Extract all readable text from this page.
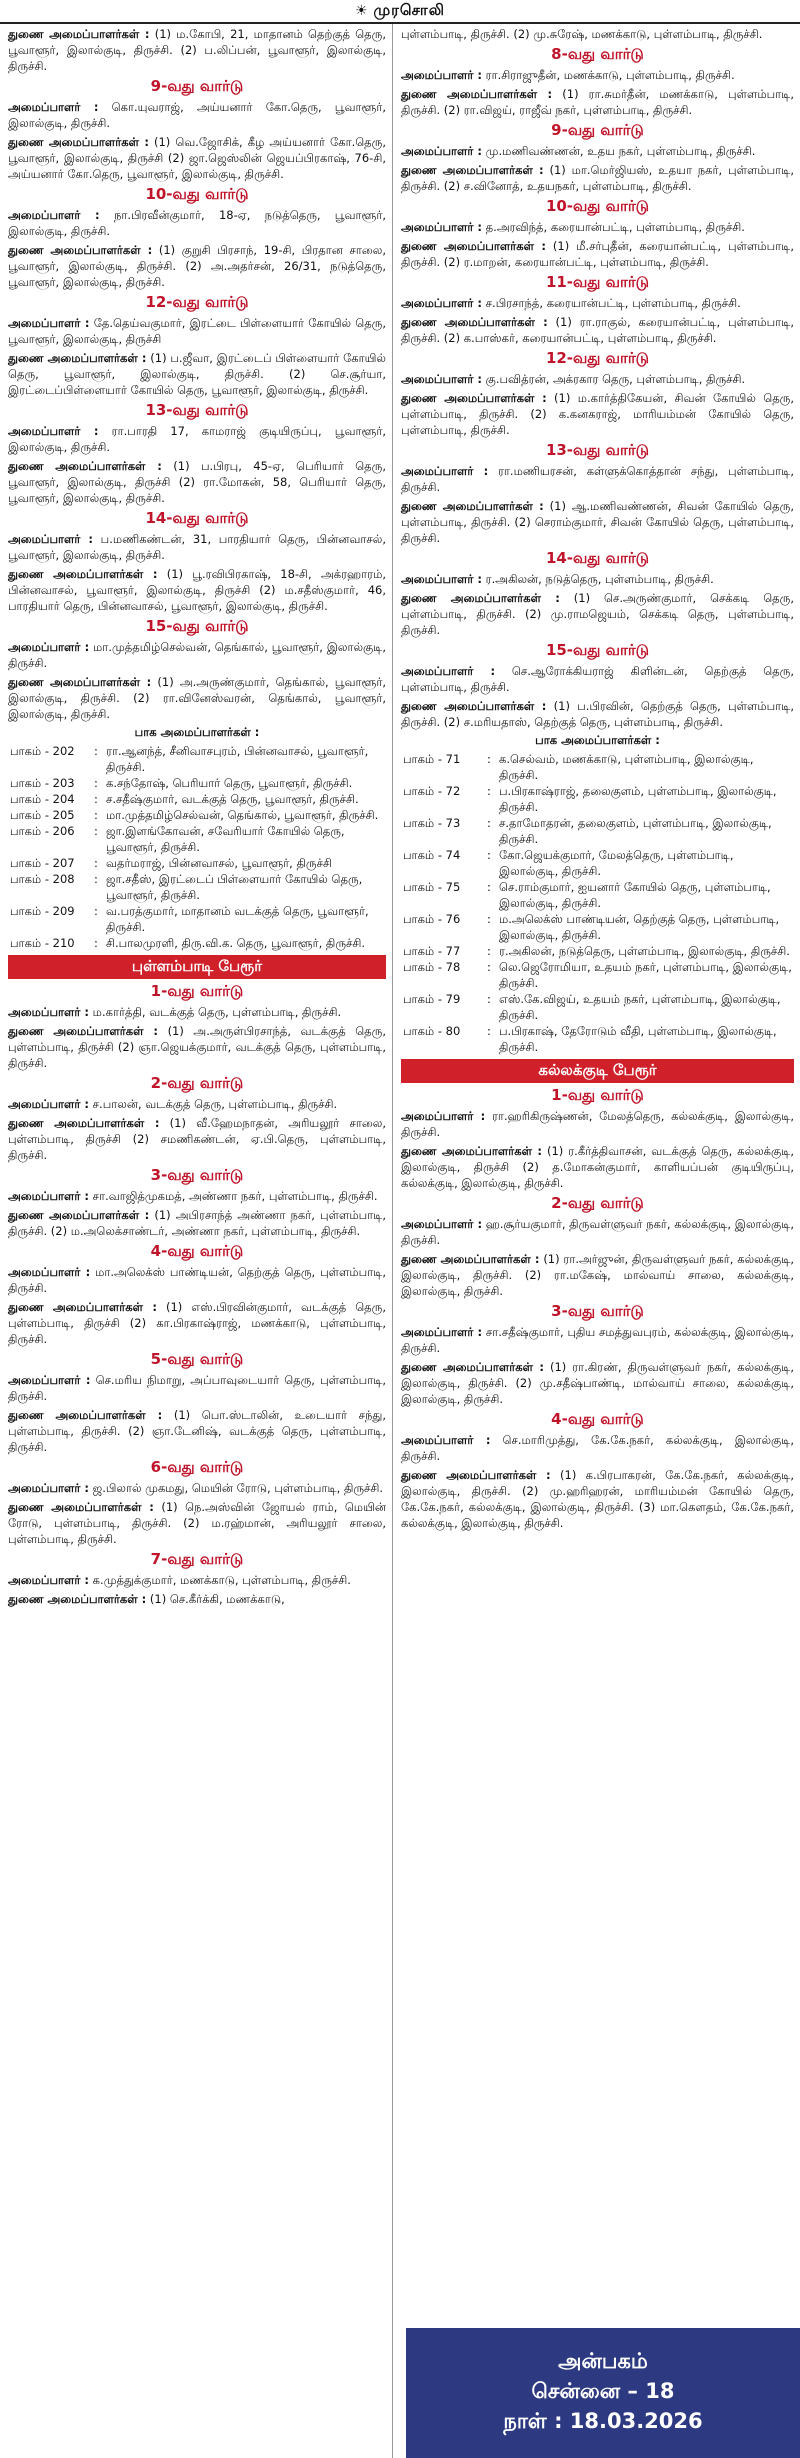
☀ முரசொலி

துணை அமைப்பாளர்கள் : (1) ம.கோபி, 21, மாதானம் தெற்குத் தெரு, பூவாளூர், இலால்குடி, திருச்சி. (2) ப.லிப்பன், பூவாளூர், இலால்குடி, திருச்சி.

9-வது வார்டு

அமைப்பாளர் : கொ.யுவராஜ், அய்யனார் கோ.தெரு, பூவாளூர், இலால்குடி, திருச்சி.

துணை அமைப்பாளர்கள் : (1) வெ.ஜோசிக், கீழ அய்யனார் கோ.தெரு, பூவாளூர், இலால்குடி, திருச்சி (2) ஜா.ஜெஸ்லின் ஜெயப்பிரகாஷ், 76-சி, அய்யனார் கோ.தெரு, பூவாளூர், இலால்குடி, திருச்சி.

10-வது வார்டு

அமைப்பாளர் : நா.பிரவீன்குமார், 18-ஏ, நடுத்தெரு, பூவாளூர், இலால்குடி, திருச்சி.

துணை அமைப்பாளர்கள் : (1) குறுசி பிரசாந், 19-சி, பிரதான சாலை, பூவாளூர், இலால்குடி, திருச்சி. (2) அ.அதர்சன், 26/31, நடுத்தெரு, பூவாளூர், இலால்குடி, திருச்சி.

12-வது வார்டு

அமைப்பாளர் : தே.தெய்வகுமார், இரட்டை பிள்ளையார் கோயில் தெரு, பூவாளூர், இலால்குடி, திருச்சி

துணை அமைப்பாளர்கள் : (1) ப.ஜீவா, இரட்டைப் பிள்ளையார் கோயில் தெரு, பூவாளூர், இலால்குடி, திருச்சி. (2) செ.சூர்யா, இரட்டைப்பிள்ளையார் கோயில் தெரு, பூவாளூர், இலால்குடி, திருச்சி.

13-வது வார்டு

அமைப்பாளர் : ரா.பாரதி 17, காமராஜ் குடியிருப்பு, பூவாளூர், இலால்குடி, திருச்சி.

துணை அமைப்பாளர்கள் : (1) ப.பிரபு, 45-ஏ, பெரியார் தெரு, பூவாளூர், இலால்குடி, திருச்சி (2) ரா.மோகன், 58, பெரியார் தெரு, பூவாளூர், இலால்குடி, திருச்சி.

14-வது வார்டு

அமைப்பாளர் : ப.மணிகண்டன், 31, பாரதியார் தெரு, பின்னவாசல், பூவாளூர், இலால்குடி, திருச்சி.

துணை அமைப்பாளர்கள் : (1) பூ.ரவிபிரகாஷ், 18-சி, அக்ரஹாரம், பின்னவாசல், பூவாளூர், இலால்குடி, திருச்சி (2) ம.சதீஸ்குமார், 46, பாரதியார் தெரு, பின்னவாசல், பூவாளூர், இலால்குடி, திருச்சி.

15-வது வார்டு

அமைப்பாளர் : மா.முத்தமிழ்செல்வன், தெங்கால், பூவாளூர், இலால்குடி, திருச்சி.

துணை அமைப்பாளர்கள் : (1) அ.அருண்குமார், தெங்கால், பூவாளூர், இலால்குடி, திருச்சி. (2) ரா.வினேஸ்வரன், தெங்கால், பூவாளூர், இலால்குடி, திருச்சி.

பாக அமைப்பாளர்கள் :
பாகம் - 202	:	ரா.ஆனந்த், சீனிவாசபுரம், பின்னவாசல், பூவாளூர், திருச்சி.
பாகம் - 203	:	க.சந்தோஷ், பெரியார் தெரு, பூவாளூர், திருச்சி.
பாகம் - 204	:	ச.சதீஷ்குமார், வடக்குத் தெரு, பூவாளூர், திருச்சி.
பாகம் - 205	:	மா.முத்தமிழ்செல்வன், தெங்கால், பூவாளூர், திருச்சி.
பாகம் - 206	:	ஜா.இளங்கோவன், சவேரியார் கோயில் தெரு, பூவாளூர், திருச்சி.
பாகம் - 207	:	வதர்மராஜ், பின்னவாசல், பூவாளூர், திருச்சி
பாகம் - 208	:	ஜா.சதீஸ், இரட்டைப் பிள்ளையார் கோயில் தெரு, பூவாளூர், திருச்சி.
பாகம் - 209	:	வ.பரத்குமார், மாதானம் வடக்குத் தெரு, பூவாளூர், திருச்சி.
பாகம் - 210	:	சி.பாலமுரளி, திரு.வி.க. தெரு, பூவாளூர், திருச்சி.
புள்ளம்பாடி பேரூர்
1-வது வார்டு

அமைப்பாளர் : ம.கார்த்தி, வடக்குத் தெரு, புள்ளம்பாடி, திருச்சி.

துணை அமைப்பாளர்கள் : (1) அ.அருள்பிரசாந்த், வடக்குத் தெரு, புள்ளம்பாடி, திருச்சி (2) ஞா.ஜெயக்குமார், வடக்குத் தெரு, புள்ளம்பாடி, திருச்சி.

2-வது வார்டு

அமைப்பாளர் : ச.பாலன், வடக்குத் தெரு, புள்ளம்பாடி, திருச்சி.

துணை அமைப்பாளர்கள் : (1) வீ.ஹேமநாதன், அரியலூர் சாலை, புள்ளம்பாடி, திருச்சி (2) சமணிகண்டன், ஏ.பி.தெரு, புள்ளம்பாடி, திருச்சி.

3-வது வார்டு

அமைப்பாளர் : சா.வாஜித்முகமத், அண்ணா நகர், புள்ளம்பாடி, திருச்சி.

துணை அமைப்பாளர்கள் : (1) அபிரசாந்த் அண்ணா நகர், புள்ளம்பாடி, திருச்சி. (2) ம.அலெக்சாண்டர், அண்ணா நகர், புள்ளம்பாடி, திருச்சி.

4-வது வார்டு

அமைப்பாளர் : மா.அலெக்ஸ் பாண்டியன், தெற்குத் தெரு, புள்ளம்பாடி, திருச்சி.

துணை அமைப்பாளர்கள் : (1) எஸ்.பிரவின்குமார், வடக்குத் தெரு, புள்ளம்பாடி, திருச்சி (2) கா.பிரகாஷ்ராஜ், மணக்காடு, புள்ளம்பாடி, திருச்சி.

5-வது வார்டு

அமைப்பாளர் : செ.மரிய நிமாறு, அப்பாவுடையார் தெரு, புள்ளம்பாடி, திருச்சி.

துணை அமைப்பாளர்கள் : (1) பொ.ஸ்டாலின், உடையார் சந்து, புள்ளம்பாடி, திருச்சி. (2) ஞா.டேனிஷ், வடக்குத் தெரு, புள்ளம்பாடி, திருச்சி.

6-வது வார்டு

அமைப்பாளர் : ஜ.பிலால் முகமது, மெயின் ரோடு, புள்ளம்பாடி, திருச்சி.

துணை அமைப்பாளர்கள் : (1) நெ.அஸ்வின் ஜோயல் ராம், மெயின் ரோடு, புள்ளம்பாடி, திருச்சி. (2) ம.ரஹ்மான், அரியலூர் சாலை, புள்ளம்பாடி, திருச்சி.

7-வது வார்டு

அமைப்பாளர் : க.முத்துக்குமார், மணக்காடு, புள்ளம்பாடி, திருச்சி.

துணை அமைப்பாளர்கள் : (1) செ.கீர்க்கி, மணக்காடு,

புள்ளம்பாடி, திருச்சி. (2) மு.சுரேஷ், மணக்காடு, புள்ளம்பாடி, திருச்சி.

8-வது வார்டு

அமைப்பாளர் : ரா.சிராஜுதீன், மணக்காடு, புள்ளம்பாடி, திருச்சி.

துணை அமைப்பாளர்கள் : (1) ரா.சுமர்தீன், மணக்காடு, புள்ளம்பாடி, திருச்சி. (2) ரா.விஜய், ராஜீவ் நகர், புள்ளம்பாடி, திருச்சி.

9-வது வார்டு

அமைப்பாளர் : மு.மணிவண்ணன், உதய நகர், புள்ளம்பாடி, திருச்சி.

துணை அமைப்பாளர்கள் : (1) மா.மெர்ஜியஸ், உதயா நகர், புள்ளம்பாடி, திருச்சி. (2) ச.வினோத், உதயநகர், புள்ளம்பாடி, திருச்சி.

10-வது வார்டு

அமைப்பாளர் : த.அரவிந்த், கரையான்பட்டி, புள்ளம்பாடி, திருச்சி.

துணை அமைப்பாளர்கள் : (1) மீ.சர்புதீன், கரையான்பட்டி, புள்ளம்பாடி, திருச்சி. (2) ர.மாறன், கரையான்பட்டி, புள்ளம்பாடி, திருச்சி.

11-வது வார்டு

அமைப்பாளர் : ச.பிரசாந்த், கரையான்பட்டி, புள்ளம்பாடி, திருச்சி.

துணை அமைப்பாளர்கள் : (1) ரா.ராகுல், கரையான்பட்டி, புள்ளம்பாடி, திருச்சி. (2) க.பாஸ்கர், கரையான்பட்டி, புள்ளம்பாடி, திருச்சி.

12-வது வார்டு

அமைப்பாளர் : கு.பவித்ரன், அக்ரகார தெரு, புள்ளம்பாடி, திருச்சி.

துணை அமைப்பாளர்கள் : (1) ம.கார்த்திகேயன், சிவன் கோயில் தெரு, புள்ளம்பாடி, திருச்சி. (2) க.கனகராஜ், மாரியம்மன் கோயில் தெரு, புள்ளம்பாடி, திருச்சி.

13-வது வார்டு

அமைப்பாளர் : ரா.மணியரசன், கள்ளுக்கொத்தான் சந்து, புள்ளம்பாடி, திருச்சி.

துணை அமைப்பாளர்கள் : (1) ஆ.மணிவண்ணன், சிவன் கோயில் தெரு, புள்ளம்பாடி, திருச்சி. (2) செராம்குமார், சிவன் கோயில் தெரு, புள்ளம்பாடி, திருச்சி.

14-வது வார்டு

அமைப்பாளர் : ர.அகிலன், நடுத்தெரு, புள்ளம்பாடி, திருச்சி.

துணை அமைப்பாளர்கள் : (1) செ.அருண்குமார், செக்கடி தெரு, புள்ளம்பாடி, திருச்சி. (2) மு.ராமஜெயம், செக்கடி தெரு, புள்ளம்பாடி, திருச்சி.

15-வது வார்டு

அமைப்பாளர் : செ.ஆரோக்கியராஜ் கிளின்டன், தெற்குத் தெரு, புள்ளம்பாடி, திருச்சி.

துணை அமைப்பாளர்கள் : (1) ப.பிரவின், தெற்குத் தெரு, புள்ளம்பாடி, திருச்சி. (2) ச.மரியதாஸ், தெற்குத் தெரு, புள்ளம்பாடி, திருச்சி.

பாக அமைப்பாளர்கள் :
பாகம் - 71	:	க.செல்வம், மணக்காடு, புள்ளம்பாடி, இலால்குடி, திருச்சி.
பாகம் - 72	:	ப.பிரகாஷ்ராஜ், தலைகுளம், புள்ளம்பாடி, இலால்குடி, திருச்சி.
பாகம் - 73	:	ச.தாமோதரன், தலைகுளம், புள்ளம்பாடி, இலால்குடி, திருச்சி.
பாகம் - 74	:	கோ.ஜெயக்குமார், மேலத்தெரு, புள்ளம்பாடி, இலால்குடி, திருச்சி.
பாகம் - 75	:	செ.ராம்குமார், ஐயனார் கோயில் தெரு, புள்ளம்பாடி, இலால்குடி, திருச்சி.
பாகம் - 76	:	ம.அலெக்ஸ் பாண்டியன், தெற்குத் தெரு, புள்ளம்பாடி, இலால்குடி, திருச்சி.
பாகம் - 77	:	ர.அகிலன், நடுத்தெரு, புள்ளம்பாடி, இலால்குடி, திருச்சி.
பாகம் - 78	:	லெ.ஜெரோமியா, உதயம் நகர், புள்ளம்பாடி, இலால்குடி, திருச்சி.
பாகம் - 79	:	எஸ்.கே.விஜய், உதயம் நகர், புள்ளம்பாடி, இலால்குடி, திருச்சி.
பாகம் - 80	:	ப.பிரகாஷ், தேரோடும் வீதி, புள்ளம்பாடி, இலால்குடி, திருச்சி.
கல்லக்குடி பேரூர்
1-வது வார்டு

அமைப்பாளர் : ரா.ஹரிகிருஷ்ணன், மேலத்தெரு, கல்லக்குடி, இலால்குடி, திருச்சி.

துணை அமைப்பாளர்கள் : (1) ர.கீர்த்திவாசன், வடக்குத் தெரு, கல்லக்குடி, இலால்குடி, திருச்சி (2) த.மோகன்குமார், காளியப்பன் குடியிருப்பு, கல்லக்குடி, இலால்குடி, திருச்சி.

2-வது வார்டு

அமைப்பாளர் : ஹ.சூர்யகுமார், திருவள்ளுவர் நகர், கல்லக்குடி, இலால்குடி, திருச்சி.

துணை அமைப்பாளர்கள் : (1) ரா.அர்ஜுன், திருவள்ளுவர் நகர், கல்லக்குடி, இலால்குடி, திருச்சி. (2) ரா.மகேஷ், மால்வாய் சாலை, கல்லக்குடி, இலால்குடி, திருச்சி.

3-வது வார்டு

அமைப்பாளர் : சா.சதீஷ்குமார், புதிய சமத்துவபுரம், கல்லக்குடி, இலால்குடி, திருச்சி.

துணை அமைப்பாளர்கள் : (1) ரா.கிரண், திருவள்ளுவர் நகர், கல்லக்குடி, இலால்குடி, திருச்சி. (2) மு.சதீஷ்பாண்டி, மால்வாய் சாலை, கல்லக்குடி, இலால்குடி, திருச்சி.

4-வது வார்டு

அமைப்பாளர் : செ.மாரிமுத்து, கே.கே.நகர், கல்லக்குடி, இலால்குடி, திருச்சி.

துணை அமைப்பாளர்கள் : (1) க.பிரபாகரன், கே.கே.நகர், கல்லக்குடி, இலால்குடி, திருச்சி. (2) மு.ஹரிஹரன், மாரியம்மன் கோயில் தெரு, கே.கே.நகர், கல்லக்குடி, இலால்குடி, திருச்சி. (3) மா.கௌதம், கே.கே.நகர், கல்லக்குடி, இலால்குடி, திருச்சி.

அன்பகம்
சென்னை – 18
நாள் : 18.03.2026
